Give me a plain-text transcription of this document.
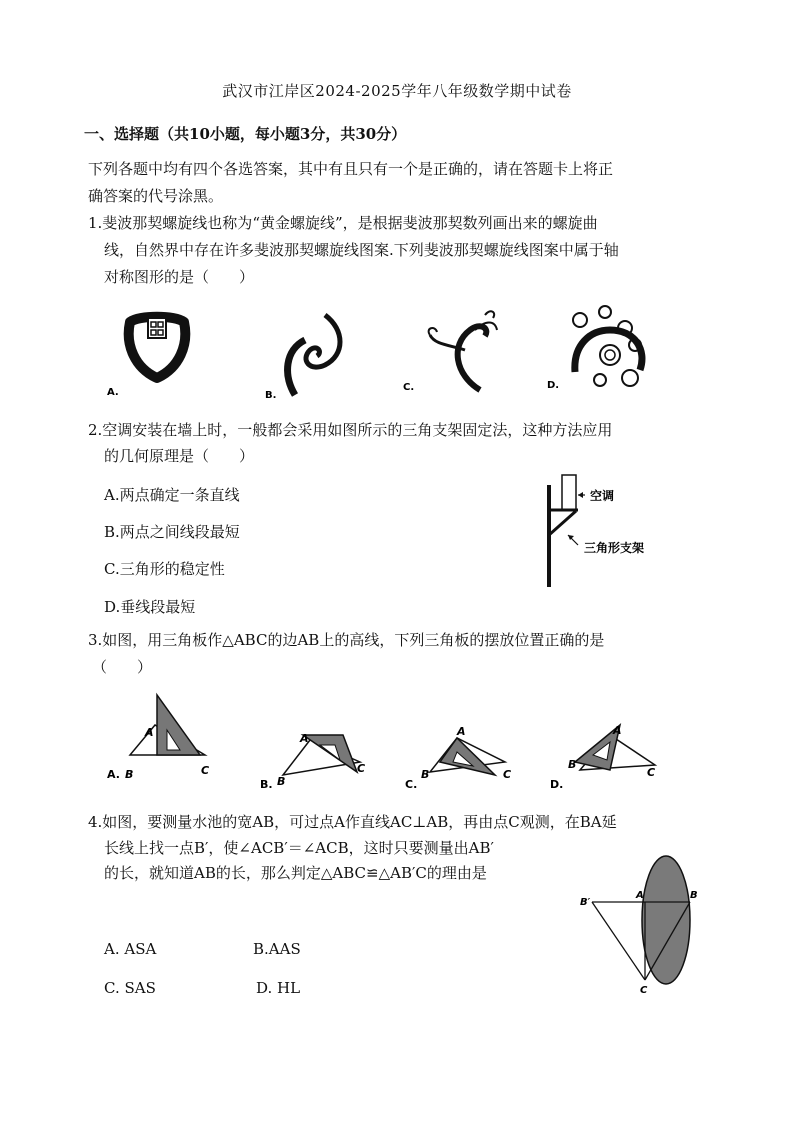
武汉市江岸区2024-2025学年八年级数学期中试卷
一、选择题（共10小题，每小题3分，共30分）
下列各题中均有四个各选答案，其中有且只有一个是正确的，请在答题卡上将正
确答案的代号涂黑。
1.斐波那契螺旋线也称为“黄金螺旋线”，是根据斐波那契数列画出来的螺旋曲
线，自然界中存在许多斐波那契螺旋线图案.下列斐波那契螺旋线图案中属于轴
对称图形的是（　　）
A.	B.
C.	D.
2.空调安装在墙上时，一般都会采用如图所示的三角支架固定法，这种方法应用
的几何原理是（　　）
A.两点确定一条直线
B.两点之间线段最短
C.三角形的稳定性
D.垂线段最短
空调
三角形支架
3.如图，用三角板作△ABC的边AB上的高线，下列三角板的摆放位置正确的是
（　　）
A. B
A
C
B. B
A
C
C.
B
A
C
D.
B
A
C
4.如图，要测量水池的宽AB，可过点A作直线AC⊥AB，再由点C观测，在BA延
长线上找一点B′，使∠ACB′＝∠ACB，这时只要测量出AB′
的长，就知道AB的长，那么判定△ABC≌△AB′C的理由是
A. ASA	B.AAS
C. SAS	D. HL
B′
A	B
C
